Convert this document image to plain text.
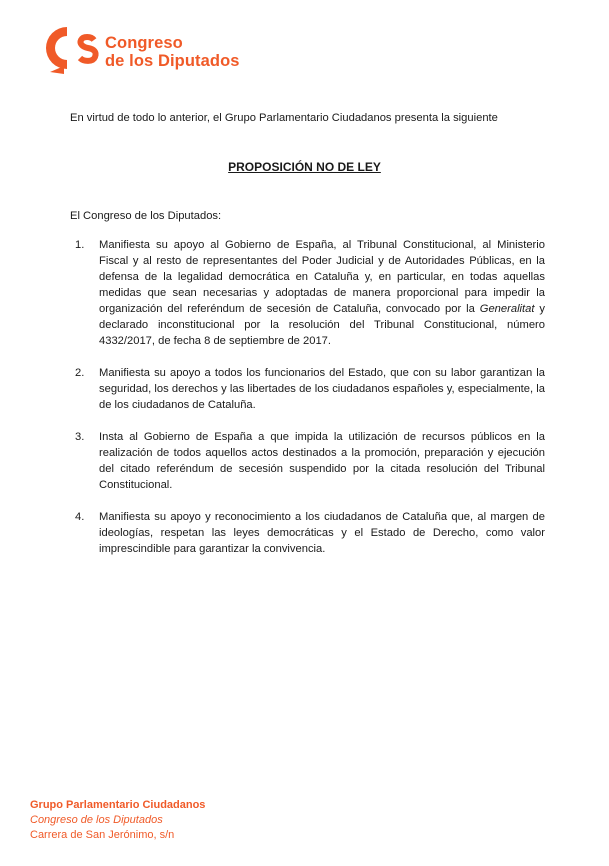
Congreso
de los Diputados
En virtud de todo lo anterior, el Grupo Parlamentario Ciudadanos presenta la siguiente
PROPOSICIÓN NO DE LEY
El Congreso de los Diputados:
1. Manifiesta su apoyo al Gobierno de España, al Tribunal Constitucional, al Ministerio Fiscal y al resto de representantes del Poder Judicial y de Autoridades Públicas, en la defensa de la legalidad democrática en Cataluña y, en particular, en todas aquellas medidas que sean necesarias y adoptadas de manera proporcional para impedir la organización del referéndum de secesión de Cataluña, convocado por la Generalitat y declarado inconstitucional por la resolución del Tribunal Constitucional, número 4332/2017, de fecha 8 de septiembre de 2017.
2. Manifiesta su apoyo a todos los funcionarios del Estado, que con su labor garantizan la seguridad, los derechos y las libertades de los ciudadanos españoles y, especialmente, la de los ciudadanos de Cataluña.
3. Insta al Gobierno de España a que impida la utilización de recursos públicos en la realización de todos aquellos actos destinados a la promoción, preparación y ejecución del citado referéndum de secesión suspendido por la citada resolución del Tribunal Constitucional.
4. Manifiesta su apoyo y reconocimiento a los ciudadanos de Cataluña que, al margen de ideologías, respetan las leyes democráticas y el Estado de Derecho, como valor imprescindible para garantizar la convivencia.
Grupo Parlamentario Ciudadanos
Congreso de los Diputados
Carrera de San Jerónimo, s/n
